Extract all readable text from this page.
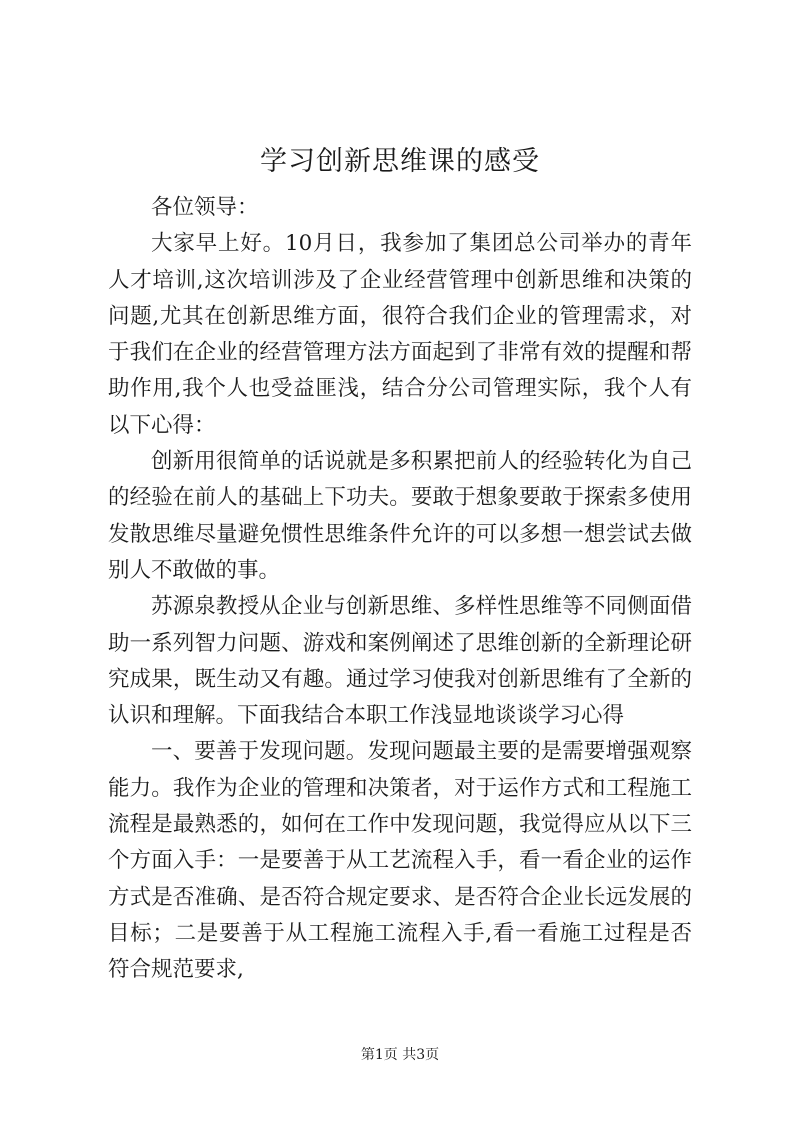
学习创新思维课的感受

各位领导：

大家早上好。10月日，我参加了集团总公司举办的青年人才培训,这次培训涉及了企业经营管理中创新思维和决策的问题,尤其在创新思维方面，很符合我们企业的管理需求，对于我们在企业的经营管理方法方面起到了非常有效的提醒和帮助作用,我个人也受益匪浅，结合分公司管理实际，我个人有以下心得：

创新用很简单的话说就是多积累把前人的经验转化为自己的经验在前人的基础上下功夫。要敢于想象要敢于探索多使用发散思维尽量避免惯性思维条件允许的可以多想一想尝试去做别人不敢做的事。

苏源泉教授从企业与创新思维、多样性思维等不同侧面借助一系列智力问题、游戏和案例阐述了思维创新的全新理论研究成果，既生动又有趣。通过学习使我对创新思维有了全新的认识和理解。下面我结合本职工作浅显地谈谈学习心得

一、要善于发现问题。发现问题最主要的是需要增强观察能力。我作为企业的管理和决策者，对于运作方式和工程施工流程是最熟悉的，如何在工作中发现问题，我觉得应从以下三个方面入手：一是要善于从工艺流程入手，看一看企业的运作方式是否准确、是否符合规定要求、是否符合企业长远发展的目标；二是要善于从工程施工流程入手,看一看施工过程是否符合规范要求,

第1页 共3页
